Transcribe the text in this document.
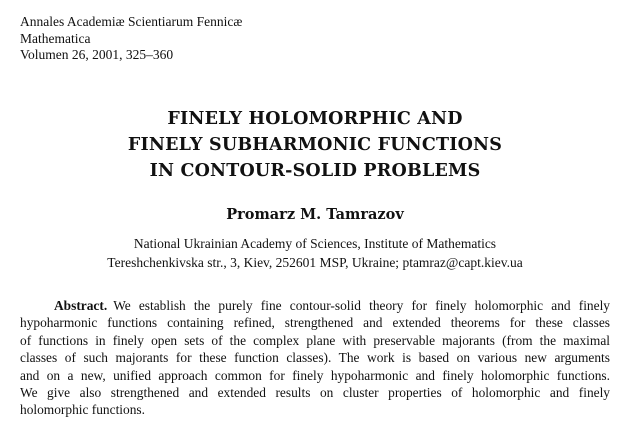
Annales Academiæ Scientiarum Fennicæ
Mathematica
Volumen 26, 2001, 325–360
FINELY HOLOMORPHIC AND
FINELY SUBHARMONIC FUNCTIONS
IN CONTOUR-SOLID PROBLEMS
Promarz M. Tamrazov
National Ukrainian Academy of Sciences, Institute of Mathematics
Tereshchenkivska str., 3, Kiev, 252601 MSP, Ukraine; ptamraz@capt.kiev.ua
Abstract. We establish the purely fine contour-solid theory for finely holomorphic and finely
hypoharmonic functions containing refined, strengthened and extended theorems for these classes
of functions in finely open sets of the complex plane with preservable majorants (from the maximal
classes of such majorants for these function classes). The work is based on various new arguments
and on a new, unified approach common for finely hypoharmonic and finely holomorphic functions.
We give also strengthened and extended results on cluster properties of holomorphic and finely
holomorphic functions.
